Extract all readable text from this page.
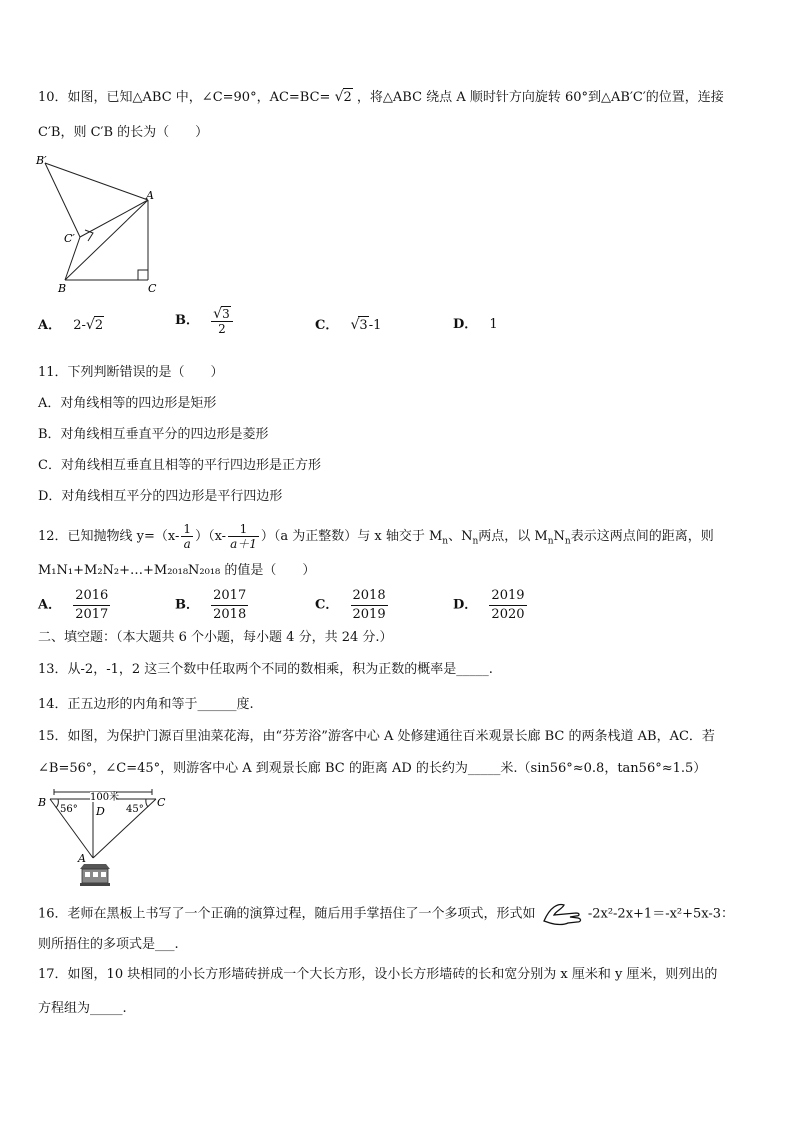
10．如图，已知△ABC 中，∠C=90°，AC=BC= √2 ，将△ABC 绕点 A 顺时针方向旋转 60°到△AB′C′的位置，连接
C′B，则 C′B 的长为（　　）
B′
A
C′
B	C
A． 2-√2	B． $\frac{√3}{2}$	C． √3-1	D． 1
11．下列判断错误的是（　　）
A．对角线相等的四边形是矩形
B．对角线相互垂直平分的四边形是菱形
C．对角线相互垂直且相等的平行四边形是正方形
D．对角线相互平分的四边形是平行四边形
12．已知抛物线 $y=(x- \frac{1}{a} )(x- \frac{1}{a+1} )(a$ 为正整数）与 x 轴交于 $M_n$、$N_n$两点，以 $M_nN_n$表示这两点间的距离，则
M₁N₁+M₂N₂+…+M₂₀₁₈N₂₀₁₈ 的值是（　　）
A． $\frac{2016}{2017}$	B． $\frac{2017}{2018}$	C． $\frac{2018}{2019}$	D． $\frac{2019}{2020}$
二、填空题：（本大题共 6 个小题，每小题 4 分，共 24 分.）
13．从-2，-1，2 这三个数中任取两个不同的数相乘，积为正数的概率是_____.
14．正五边形的内角和等于______度.
15．如图，为保护门源百里油菜花海，由“芬芳浴”游客中心 A 处修建通往百米观景长廊 BC 的两条栈道 AB，AC．若
∠B=56°，∠C=45°，则游客中心 A 到观景长廊 BC 的距离 AD 的长约为_____米.（sin56°≈0.8，tan56°≈1.5）
100米
B	C
56°	45°
D
A
16．老师在黑板上书写了一个正确的演算过程，随后用手掌捂住了一个多项式，形式如	-2x²-2x+1＝-x²+5x-3：
则所捂住的多项式是___.
17．如图，10 块相同的小长方形墙砖拼成一个大长方形，设小长方形墙砖的长和宽分别为 x 厘米和 y 厘米，则列出的
方程组为_____.
